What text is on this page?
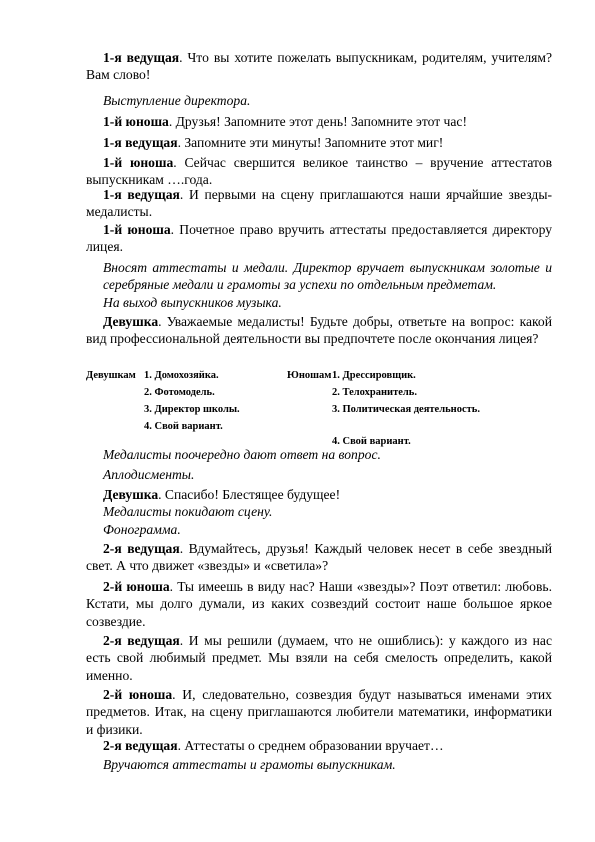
1-я ведущая. Что вы хотите пожелать выпускникам, родителям, учителям? Вам слово!

Выступление директора.

1-й юноша. Друзья! Запомните этот день! Запомните этот час!

1-я ведущая. Запомните эти минуты! Запомните этот миг!

1-й юноша. Сейчас свершится великое таинство – вручение аттестатов выпускникам ….года.

1-я ведущая. И первыми на сцену приглашаются наши ярчайшие звезды-медалисты.

1-й юноша. Почетное право вручить аттестаты предоставляется директору лицея.

Вносят аттестаты и медали. Директор вручает выпускникам золотые и серебряные медали и грамоты за успехи по отдельным предметам.

На выход выпускников музыка.

Девушка. Уважаемые медалисты! Будьте добры, ответьте на вопрос: какой вид профессиональной деятельности вы предпочтете после окончания лицея?

Девушкам 1. Домохозяйка.
2. Фотомодель.
3. Директор школы.
4. Свой вариант.
Юношам 1. Дрессировщик.
2. Телохранитель.
3. Политическая деятельность.
4. Свой вариант.

Медалисты поочередно дают ответ на вопрос.

Аплодисменты.

Девушка. Спасибо! Блестящее будущее!

Медалисты покидают сцену.

Фонограмма.

2-я ведущая. Вдумайтесь, друзья! Каждый человек несет в себе звездный свет. А что движет «звезды» и «светила»?

2-й юноша. Ты имеешь в виду нас? Наши «звезды»? Поэт ответил: любовь. Кстати, мы долго думали, из каких созвездий состоит наше большое яркое созвездие.

2-я ведущая. И мы решили (думаем, что не ошиблись): у каждого из нас есть свой любимый предмет. Мы взяли на себя смелость определить, какой именно.

2-й юноша. И, следовательно, созвездия будут называться именами этих предметов. Итак, на сцену приглашаются любители математики, информатики и физики.

2-я ведущая. Аттестаты о среднем образовании вручает…

Вручаются аттестаты и грамоты выпускникам.
